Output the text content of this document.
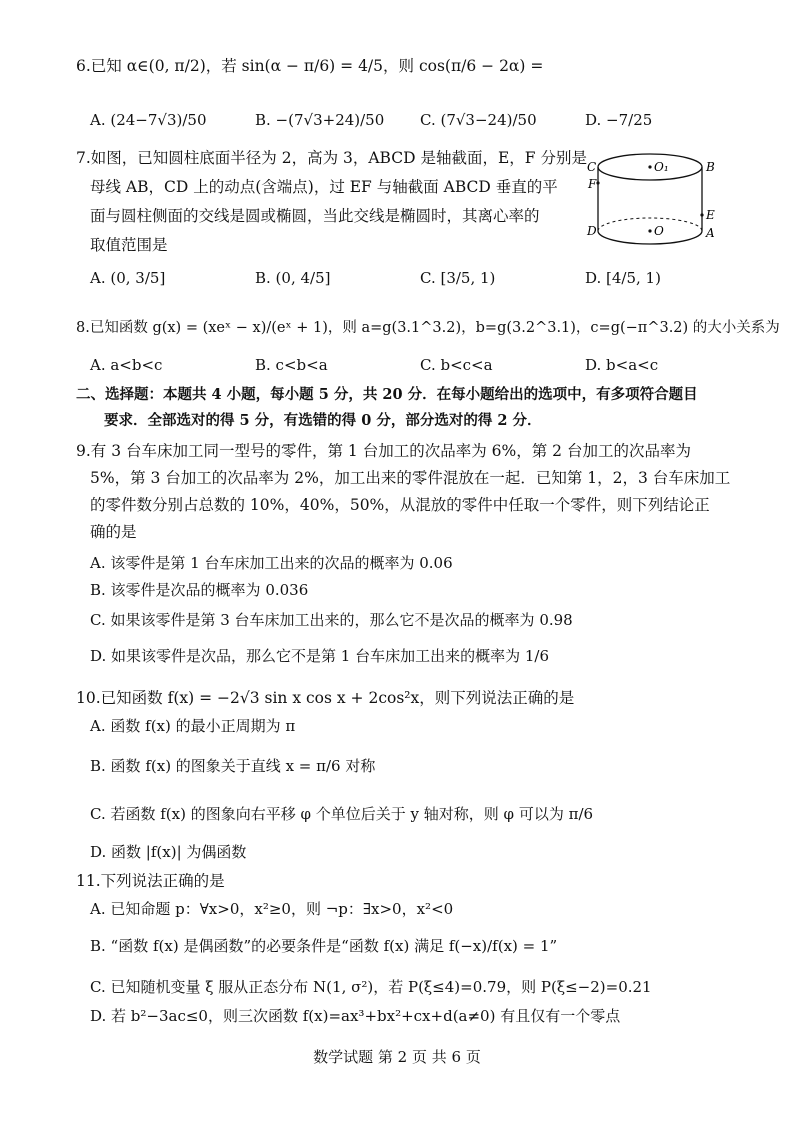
6.已知 α∈(0, π/2)，若 sin(α − π/6) = 4/5，则 cos(π/6 − 2α) =
A. (24−7√3)/50	B. −(7√3+24)/50 C. (7√3−24)/50	D. −7/25
7.如图，已知圆柱底面半径为 2，高为 3，ABCD 是轴截面，E，F 分别是
母线 AB，CD 上的动点(含端点)，过 EF 与轴截面 ABCD 垂直的平
面与圆柱侧面的交线是圆或椭圆，当此交线是椭圆时，其离心率的
取值范围是
C	B
F
E
D	A
O₁
O
A. (0, 3/5]	B. (0, 4/5]	C. [3/5, 1)	D. [4/5, 1)
8.已知函数 g(x) = (xeˣ − x)/(eˣ + 1)，则 a=g(3.1^3.2)，b=g(3.2^3.1)，c=g(−π^3.2) 的大小关系为
A. a<b<c	B. c<b<a	C. b<c<a	D. b<a<c
二、选择题：本题共 4 小题，每小题 5 分，共 20 分．在每小题给出的选项中，有多项符合题目
要求．全部选对的得 5 分，有选错的得 0 分，部分选对的得 2 分．
9.有 3 台车床加工同一型号的零件，第 1 台加工的次品率为 6%，第 2 台加工的次品率为
5%，第 3 台加工的次品率为 2%，加工出来的零件混放在一起．已知第 1，2，3 台车床加工
的零件数分别占总数的 10%，40%，50%，从混放的零件中任取一个零件，则下列结论正
确的是
A. 该零件是第 1 台车床加工出来的次品的概率为 0.06
B. 该零件是次品的概率为 0.036
C. 如果该零件是第 3 台车床加工出来的，那么它不是次品的概率为 0.98
D. 如果该零件是次品，那么它不是第 1 台车床加工出来的概率为 1/6
10.已知函数 f(x) = −2√3 sin x cos x + 2cos²x，则下列说法正确的是
A. 函数 f(x) 的最小正周期为 π
B. 函数 f(x) 的图象关于直线 x = π/6 对称
C. 若函数 f(x) 的图象向右平移 φ 个单位后关于 y 轴对称，则 φ 可以为 π/6
D. 函数 |f(x)| 为偶函数
11.下列说法正确的是
A. 已知命题 p：∀x>0，x²≥0，则 ¬p：∃x>0，x²<0
B. “函数 f(x) 是偶函数”的必要条件是“函数 f(x) 满足 f(−x)/f(x) = 1”
C. 已知随机变量 ξ 服从正态分布 N(1, σ²)，若 P(ξ≤4)=0.79，则 P(ξ≤−2)=0.21
D. 若 b²−3ac≤0，则三次函数 f(x)=ax³+bx²+cx+d(a≠0) 有且仅有一个零点
数学试题 第 2 页 共 6 页
